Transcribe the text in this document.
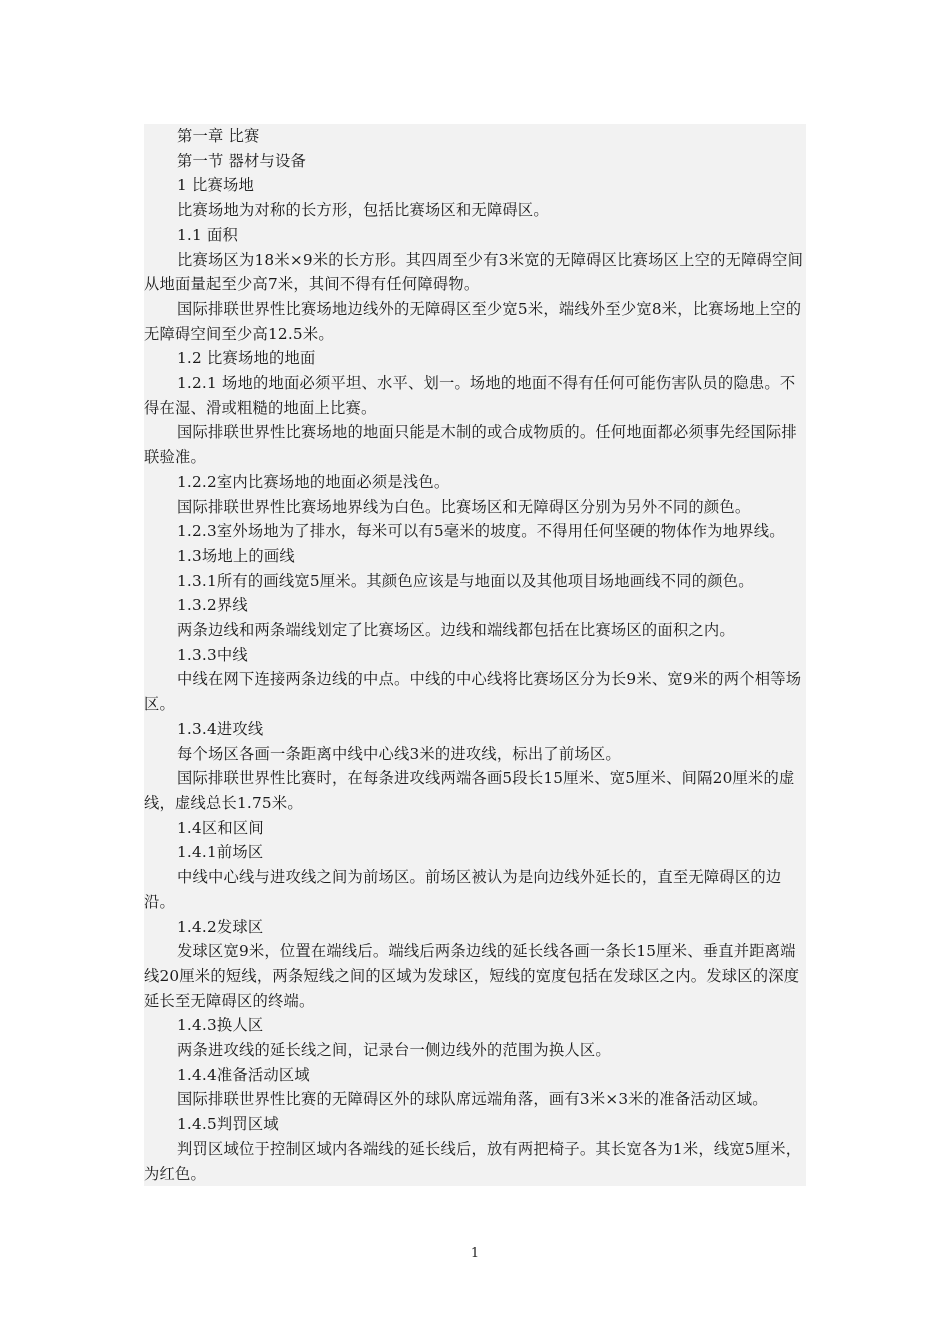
第一章 比赛

第一节 器材与设备

1 比赛场地

比赛场地为对称的长方形，包括比赛场区和无障碍区。

1.1 面积

比赛场区为18米×9米的长方形。其四周至少有3米宽的无障碍区比赛场区上空的无障碍空间从地面量起至少高7米，其间不得有任何障碍物。

国际排联世界性比赛场地边线外的无障碍区至少宽5米，端线外至少宽8米，比赛场地上空的无障碍空间至少高12.5米。

1.2 比赛场地的地面

1.2.1 场地的地面必须平坦、水平、划一。场地的地面不得有任何可能伤害队员的隐患。不得在湿、滑或粗糙的地面上比赛。

国际排联世界性比赛场地的地面只能是木制的或合成物质的。任何地面都必须事先经国际排联验准。

1.2.2室内比赛场地的地面必须是浅色。

国际排联世界性比赛场地界线为白色。比赛场区和无障碍区分别为另外不同的颜色。

1.2.3室外场地为了排水，每米可以有5毫米的坡度。不得用任何坚硬的物体作为地界线。

1.3场地上的画线

1.3.1所有的画线宽5厘米。其颜色应该是与地面以及其他项目场地画线不同的颜色。

1.3.2界线

两条边线和两条端线划定了比赛场区。边线和端线都包括在比赛场区的面积之内。

1.3.3中线

中线在网下连接两条边线的中点。中线的中心线将比赛场区分为长9米、宽9米的两个相等场区。

1.3.4进攻线

每个场区各画一条距离中线中心线3米的进攻线，标出了前场区。

国际排联世界性比赛时，在每条进攻线两端各画5段长15厘米、宽5厘米、间隔20厘米的虚线，虚线总长1.75米。

1.4区和区间

1.4.1前场区

中线中心线与进攻线之间为前场区。前场区被认为是向边线外延长的，直至无障碍区的边沿。

1.4.2发球区

发球区宽9米，位置在端线后。端线后两条边线的延长线各画一条长15厘米、垂直并距离端线20厘米的短线，两条短线之间的区域为发球区，短线的宽度包括在发球区之内。发球区的深度延长至无障碍区的终端。

1.4.3换人区

两条进攻线的延长线之间，记录台一侧边线外的范围为换人区。

1.4.4准备活动区域

国际排联世界性比赛的无障碍区外的球队席远端角落，画有3米×3米的准备活动区域。

1.4.5判罚区域

判罚区域位于控制区域内各端线的延长线后，放有两把椅子。其长宽各为1米，线宽5厘米，为红色。

1
